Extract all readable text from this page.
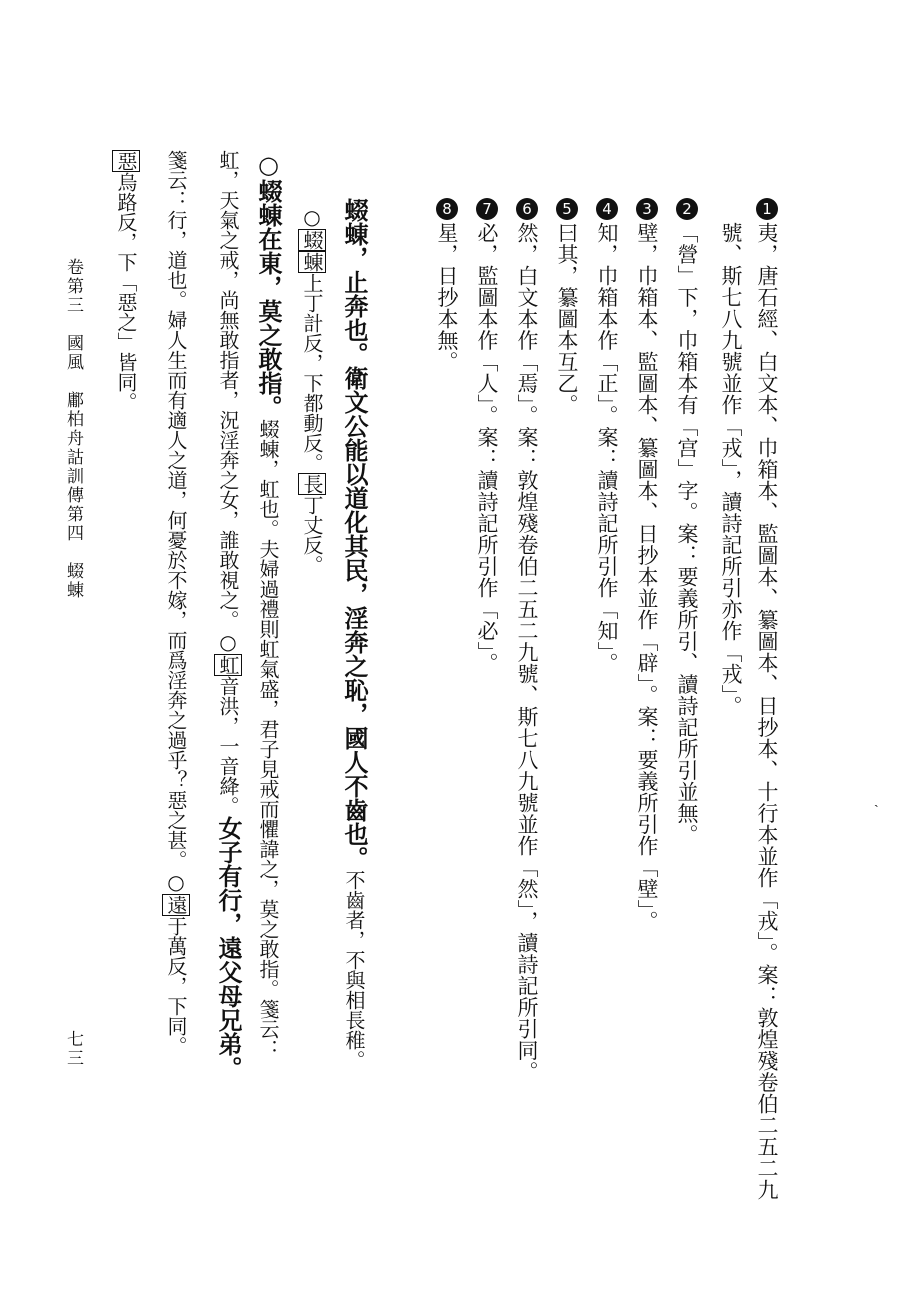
1夷，唐石經、白文本、巾箱本、監圖本、纂圖本、日抄本、十行本並作「戎」。案：敦煌殘卷伯二五二九
號、斯七八九號並作「戎」，讀詩記所引亦作「戎」。
2「營」下，巾箱本有「宫」字。案：要義所引、讀詩記所引並無。
3壁，巾箱本、監圖本、纂圖本、日抄本並作「辟」。案：要義所引作「壁」。
4知，巾箱本作「正」。案：讀詩記所引作「知」。
5曰其，纂圖本互乙。
6然，白文本作「焉」。案：敦煌殘卷伯二五二九號、斯七八九號並作「然」，讀詩記所引同。
7必，監圖本作「人」。案：讀詩記所引作「必」。
8星，日抄本無。
ˏ
蝃蝀，止奔也。衛文公能以道化其民，淫奔之恥，國人不齒也。不齒者，不與相長稚。
○蝃蝀上丁計反，下都動反。長丁丈反。
○蝃蝀在東，莫之敢指。蝃蝀，虹也。夫婦過禮則虹氣盛，君子見戒而懼諱之，莫之敢指。箋云：
虹，天氣之戒，尚無敢指者，況淫奔之女，誰敢視之。○虹音洪，一音絳。女子有行，遠父母兄弟。
箋云：行，道也。婦人生而有適人之道，何憂於不嫁，而爲淫奔之過乎？惡之甚。○遠于萬反，下同。
惡烏路反，下「惡之」皆同。
卷第三　國風　鄘柏舟詁訓傳第四　蝃蝀
七三
